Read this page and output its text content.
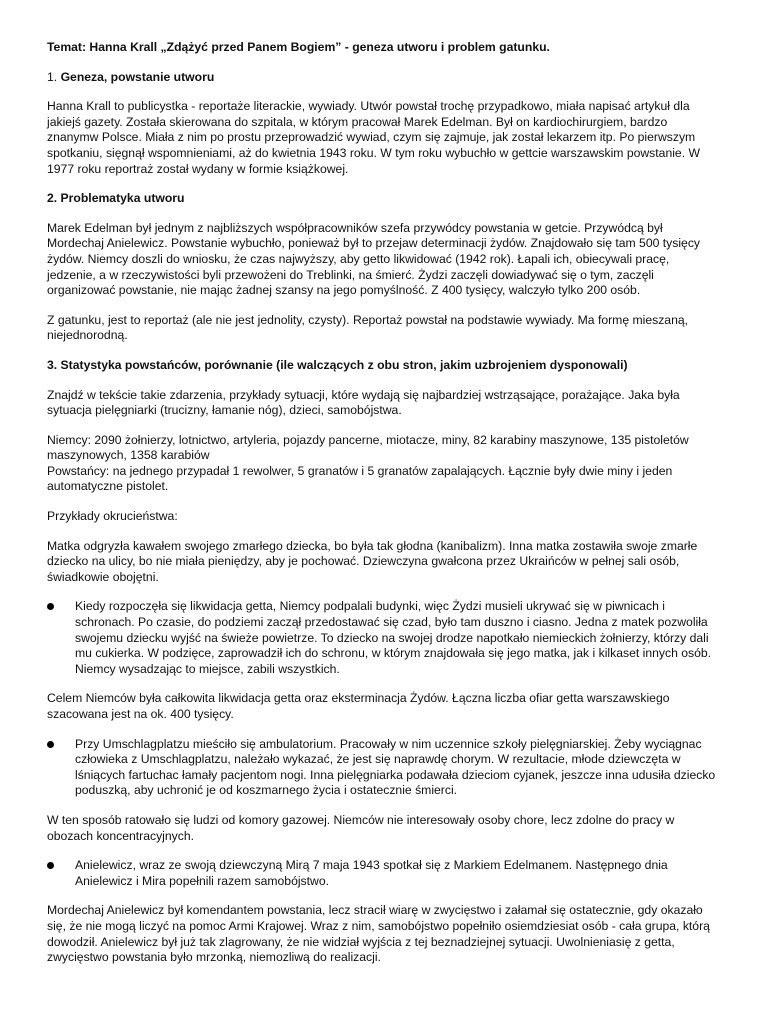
Temat: Hanna Krall „Zdążyć przed Panem Bogiem” - geneza utworu i problem gatunku.

1. Geneza, powstanie utworu

Hanna Krall to publicystka - reportaże literackie, wywiady. Utwór powstał trochę przypadkowo, miała napisać artykuł dla jakiejś gazety. Została skierowana do szpitala, w którym pracował Marek Edelman. Był on kardiochirurgiem, bardzo znanymw Polsce. Miała z nim po prostu przeprowadzić wywiad, czym się zajmuje, jak został lekarzem itp. Po pierwszym spotkaniu, sięgnął wspomnieniami, aż do kwietnia 1943 roku. W tym roku wybuchło w gettcie warszawskim powstanie. W 1977 roku reportraż został wydany w formie książkowej.

2. Problematyka utworu

Marek Edelman był jednym z najbliższych współpracowników szefa przywódcy powstania w getcie. Przywódcą był Mordechaj Anielewicz. Powstanie wybuchło, ponieważ był to przejaw determinacji żydów. Znajdowało się tam 500 tysięcy żydów. Niemcy doszli do wniosku, że czas najwyższy, aby getto likwidować (1942 rok). Łapali ich, obiecywali pracę, jedzenie, a w rzeczywistości byli przewożeni do Treblinki, na śmierć. Żydzi zaczęli dowiadywać się o tym, zaczęli organizować powstanie, nie mając żadnej szansy na jego pomyślność. Z 400 tysięcy, walczyło tylko 200 osób.

Z gatunku, jest to reportaż (ale nie jest jednolity, czysty). Reportaż powstał na podstawie wywiady. Ma formę mieszaną, niejednorodną.

3. Statystyka powstańców, porównanie (ile walczących z obu stron, jakim uzbrojeniem dysponowali)

Znajdź w tekście takie zdarzenia, przykłady sytuacji, które wydają się najbardziej wstrząsające, porażające. Jaka była sytuacja pielęgniarki (trucizny, łamanie nóg), dzieci, samobójstwa.

Niemcy: 2090 żołnierzy, lotnictwo, artyleria, pojazdy pancerne, miotacze, miny, 82 karabiny maszynowe, 135 pistoletów maszynowych, 1358 karabiów

Powstańcy: na jednego przypadał 1 rewolwer, 5 granatów i 5 granatów zapalających. Łącznie były dwie miny i jeden automatyczne pistolet.

Przykłady okrucieństwa:

Matka odgryzła kawałem swojego zmarłego dziecka, bo była tak głodna (kanibalizm). Inna matka zostawiła swoje zmarłe dziecko na ulicy, bo nie miała pieniędzy, aby je pochować. Dziewczyna gwałcona przez Ukraińców w pełnej sali osób, świadkowie obojętni.

Kiedy rozpoczęła się likwidacja getta, Niemcy podpalali budynki, więc Żydzi musieli ukrywać się w piwnicach i schronach. Po czasie, do podziemi zaczął przedostawać się czad, było tam duszno i ciasno. Jedna z matek pozwoliła swojemu dziecku wyjść na świeże powietrze. To dziecko na swojej drodze napotkało niemieckich żołnierzy, którzy dali mu cukierka. W podzięce, zaprowadził ich do schronu, w którym znajdowała się jego matka, jak i kilkaset innych osób. Niemcy wysadzając to miejsce, zabili wszystkich.

Celem Niemców była całkowita likwidacja getta oraz eksterminacja Żydów. Łączna liczba ofiar getta warszawskiego szacowana jest na ok. 400 tysięcy.

Przy Umschlagplatzu mieściło się ambulatorium. Pracowały w nim uczennice szkoły pielęgniarskiej. Żeby wyciągnac człowieka z Umschlagplatzu, należało wykazać, że jest się naprawdę chorym. W rezultacie, młode dziewczęta w lśniących fartuchac łamały pacjentom nogi. Inna pielęgniarka podawała dzieciom cyjanek, jeszcze inna udusiła dziecko poduszką, aby uchronić je od koszmarnego życia i ostatecznie śmierci.

W ten sposób ratowało się ludzi od komory gazowej. Niemców nie interesowały osoby chore, lecz zdolne do pracy w obozach koncentracyjnych.

Anielewicz, wraz ze swoją dziewczyną Mirą 7 maja 1943 spotkał się z Markiem Edelmanem. Następnego dnia Anielewicz i Mira popełnili razem samobójstwo.

Mordechaj Anielewicz był komendantem powstania, lecz stracił wiarę w zwycięstwo i załamał się ostatecznie, gdy okazało się, że nie mogą liczyć na pomoc Armi Krajowej. Wraz z nim, samobójstwo popełniło osiemdziesiat osób - cała grupa, którą dowodził. Anielewicz był już tak zlagrowany, że nie widział wyjścia z tej beznadziejnej sytuacji. Uwolnieniasię z getta, zwycięstwo powstania było mrzonką, niemozliwą do realizacji.
